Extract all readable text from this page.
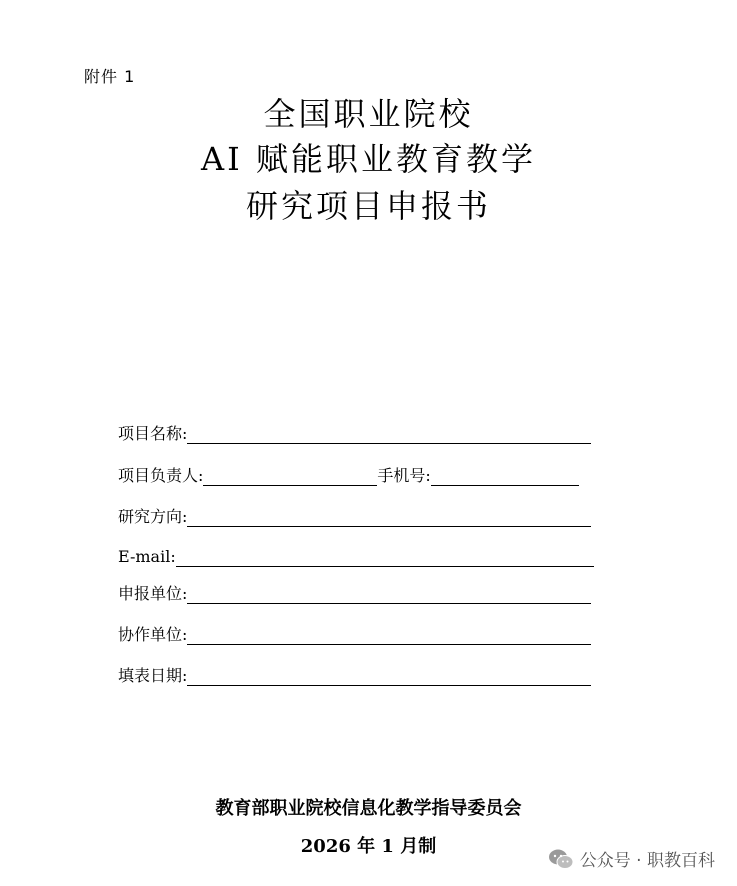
附件 1
全国职业院校
AI 赋能职业教育教学
研究项目申报书
项目名称:
项目负责人:	手机号:
研究方向:
E-mail:
申报单位:
协作单位:
填表日期:
教育部职业院校信息化教学指导委员会
2026 年 1 月制
公众号 · 职教百科
